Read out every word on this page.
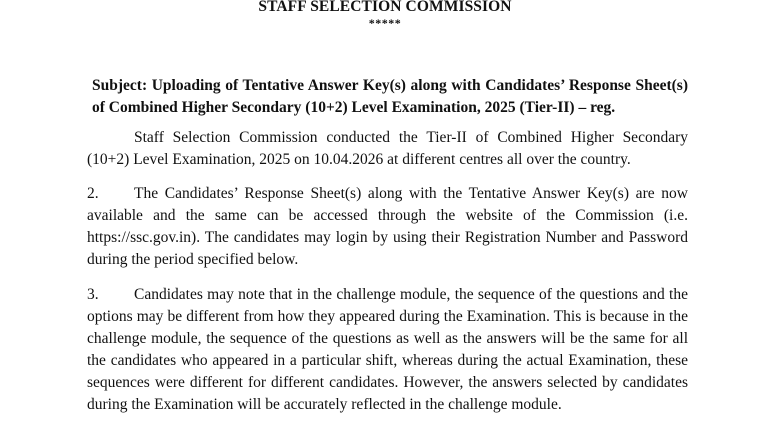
STAFF SELECTION COMMISSION
*****
Subject: Uploading of Tentative Answer Key(s) along with Candidates’ Response Sheet(s) of Combined Higher Secondary (10+2) Level Examination, 2025 (Tier-II) – reg.
Staff Selection Commission conducted the Tier-II of Combined Higher Secondary (10+2) Level Examination, 2025 on 10.04.2026 at different centres all over the country.
2. The Candidates’ Response Sheet(s) along with the Tentative Answer Key(s) are now available and the same can be accessed through the website of the Commission (i.e. https://ssc.gov.in). The candidates may login by using their Registration Number and Password during the period specified below.
3. Candidates may note that in the challenge module, the sequence of the questions and the options may be different from how they appeared during the Examination. This is because in the challenge module, the sequence of the questions as well as the answers will be the same for all the candidates who appeared in a particular shift, whereas during the actual Examination, these sequences were different for different candidates. However, the answers selected by candidates during the Examination will be accurately reflected in the challenge module.
